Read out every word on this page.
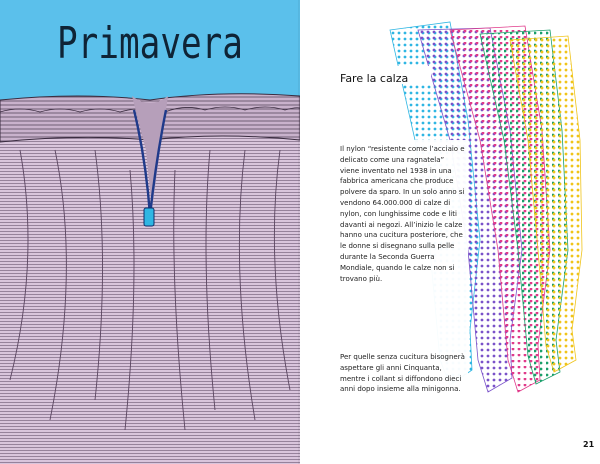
Primavera
Fare la calza

Il nylon “resistente come l’acciaio e delicato come una ragnatela” viene inventato nel 1938 in una fabbrica americana che produce polvere da sparo. In un solo anno si vendono 64.000.000 di calze di nylon, con lunghissime code e liti davanti ai negozi. All’inizio le calze hanno una cucitura posteriore, che le donne si disegnano sulla pelle durante la Seconda Guerra Mondiale, quando le calze non si trovano più.

Per quelle senza cucitura bisognerà aspettare gli anni Cinquanta, mentre i collant si diffondono dieci anni dopo insieme alla minigonna.

21
